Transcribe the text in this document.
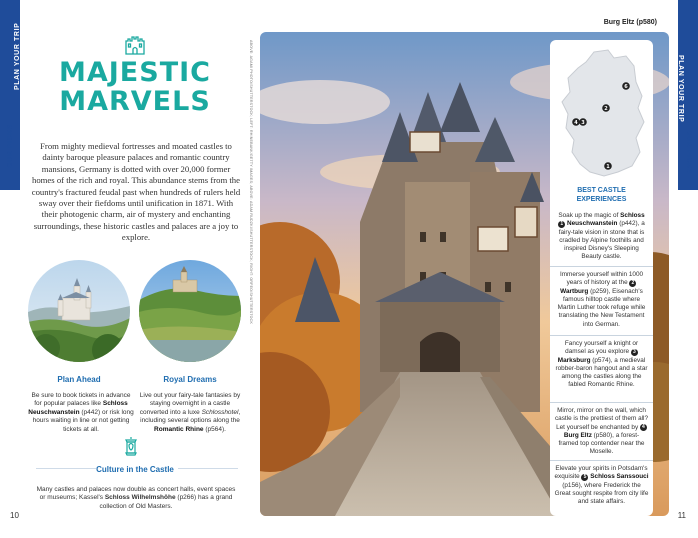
PLAN YOUR TRIP	PLAN YOUR TRIP
OUR PICKS
MAJESTIC
MARVELS
From mighty medieval fortresses and moated castles to dainty baroque pleasure palaces and romantic country mansions, Germany is dotted with over 20,000 former homes of the rich and royal. This abundance stems from the country's fractured feudal past when hundreds of rulers held sway over their fiefdoms until unification in 1871. With their photogenic charm, air of mystery and enchanting surroundings, these historic castles and palaces are a joy to explore.
Plan Ahead
Be sure to book tickets in advance for popular palaces like Schloss Neuschwanstein (p442) or risk long hours waiting in line or not getting tickets at all.
Royal Dreams
Live out your fairy-tale fantasies by staying overnight in a castle converted into a luxe Schlosshotel, including several options along the Romantic Rhine (p564).
Culture in the Castle
Many castles and palaces now double as concert halls, event spaces or museums; Kassel's Schloss Wilhelmshöhe (p266) has a grand collection of Old Masters.
10	11
ABOVE: AGAMI PHOTO/SHUTTERSTOCK; LEFT: RHINEBANK/GETTY IMAGES; ABOVE: ADAM RUDZKI/SHUTTERSTOCK; RIGHT: ORFEO/SHUTTERSTOCK
Burg Eltz (p580)
6
2
4 3
1
BEST CASTLE
EXPERIENCES
Soak up the magic of Schloss 1 Neuschwanstein (p442), a fairy-tale vision in stone that is cradled by Alpine foothills and inspired Disney's Sleeping Beauty castle.
Immerse yourself within 1000 years of history at the 2 Wartburg (p259), Eisenach's famous hilltop castle where Martin Luther took refuge while translating the New Testament into German.
Fancy yourself a knight or damsel as you explore 3 Marksburg (p574), a medieval robber-baron hangout and a star among the castles along the fabled Romantic Rhine.
Mirror, mirror on the wall, which castle is the prettiest of them all? Let yourself be enchanted by 4 Burg Eltz (p580), a forest-framed top contender near the Moselle.
Elevate your spirits in Potsdam's exquisite 5 Schloss Sanssouci (p156), where Frederick the Great sought respite from city life and state affairs.
